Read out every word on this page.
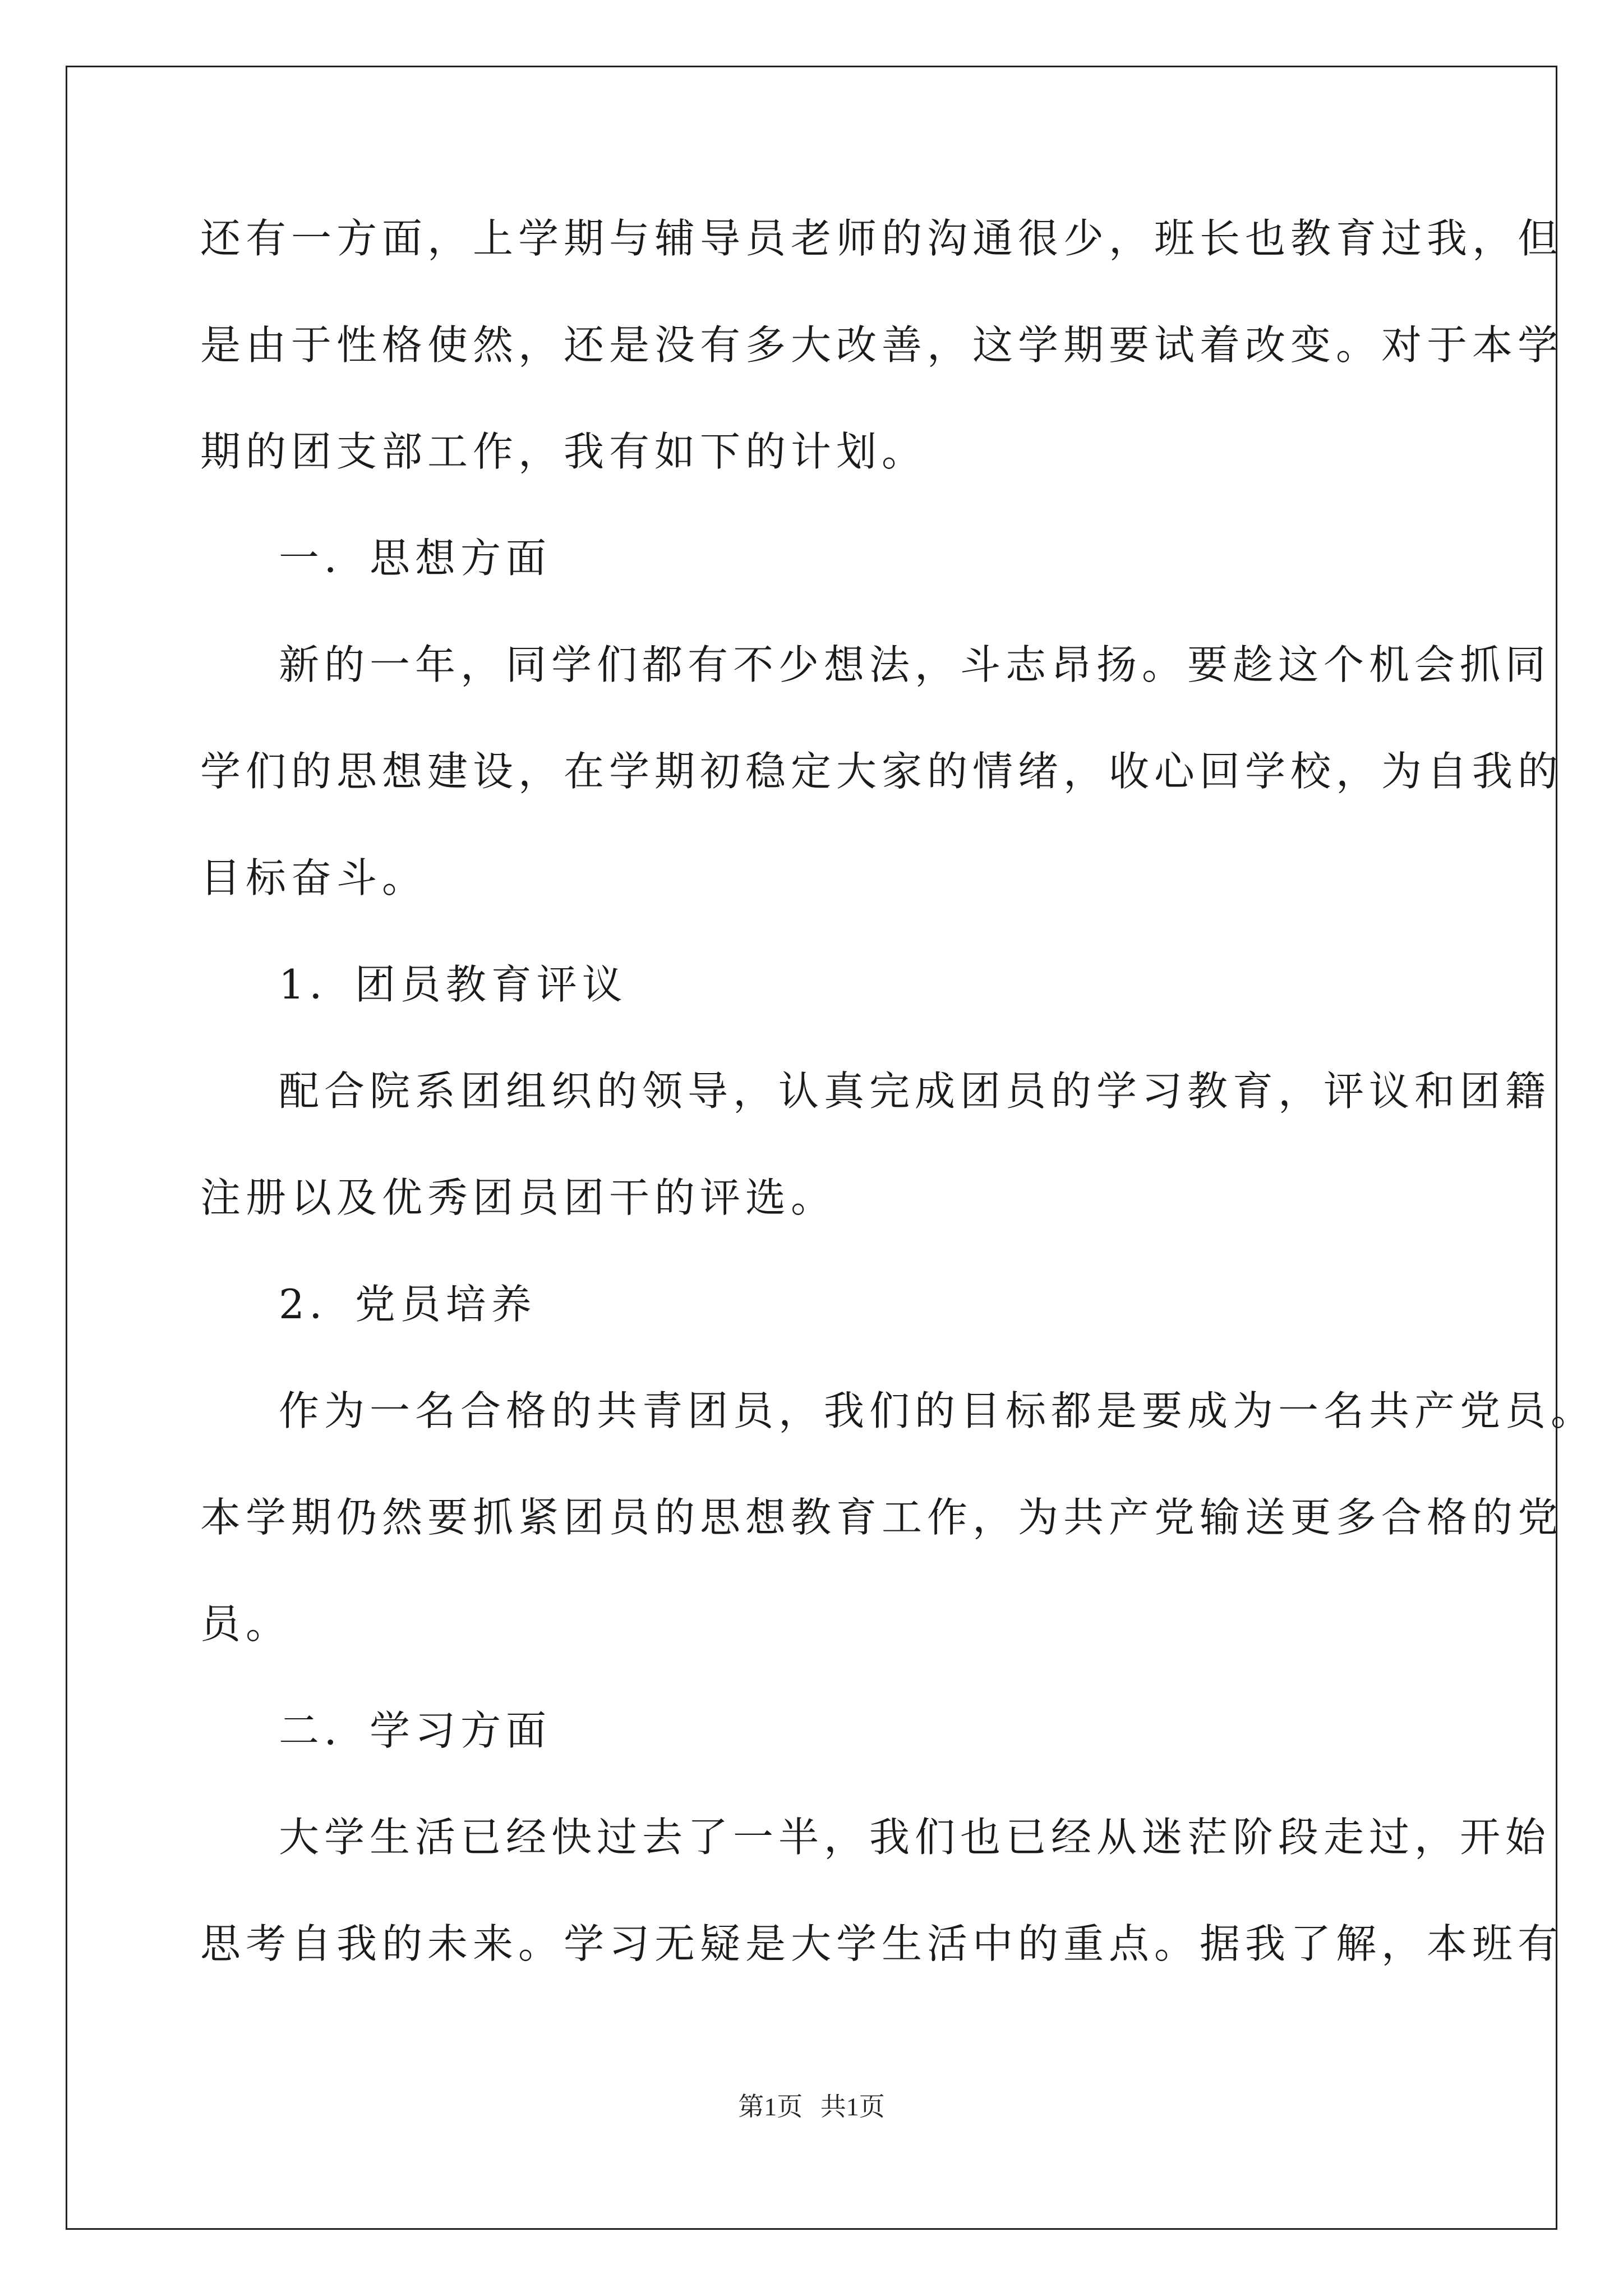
还有一方面，上学期与辅导员老师的沟通很少，班长也教育过我，但
是由于性格使然，还是没有多大改善，这学期要试着改变。对于本学
期的团支部工作，我有如下的计划。
一．思想方面
新的一年，同学们都有不少想法，斗志昂扬。要趁这个机会抓同
学们的思想建设，在学期初稳定大家的情绪，收心回学校，为自我的
目标奋斗。
1．团员教育评议
配合院系团组织的领导，认真完成团员的学习教育，评议和团籍
注册以及优秀团员团干的评选。
2．党员培养
作为一名合格的共青团员，我们的目标都是要成为一名共产党员。
本学期仍然要抓紧团员的思想教育工作，为共产党输送更多合格的党
员。
二．学习方面
大学生活已经快过去了一半，我们也已经从迷茫阶段走过，开始
思考自我的未来。学习无疑是大学生活中的重点。据我了解，本班有
第1页 共1页
